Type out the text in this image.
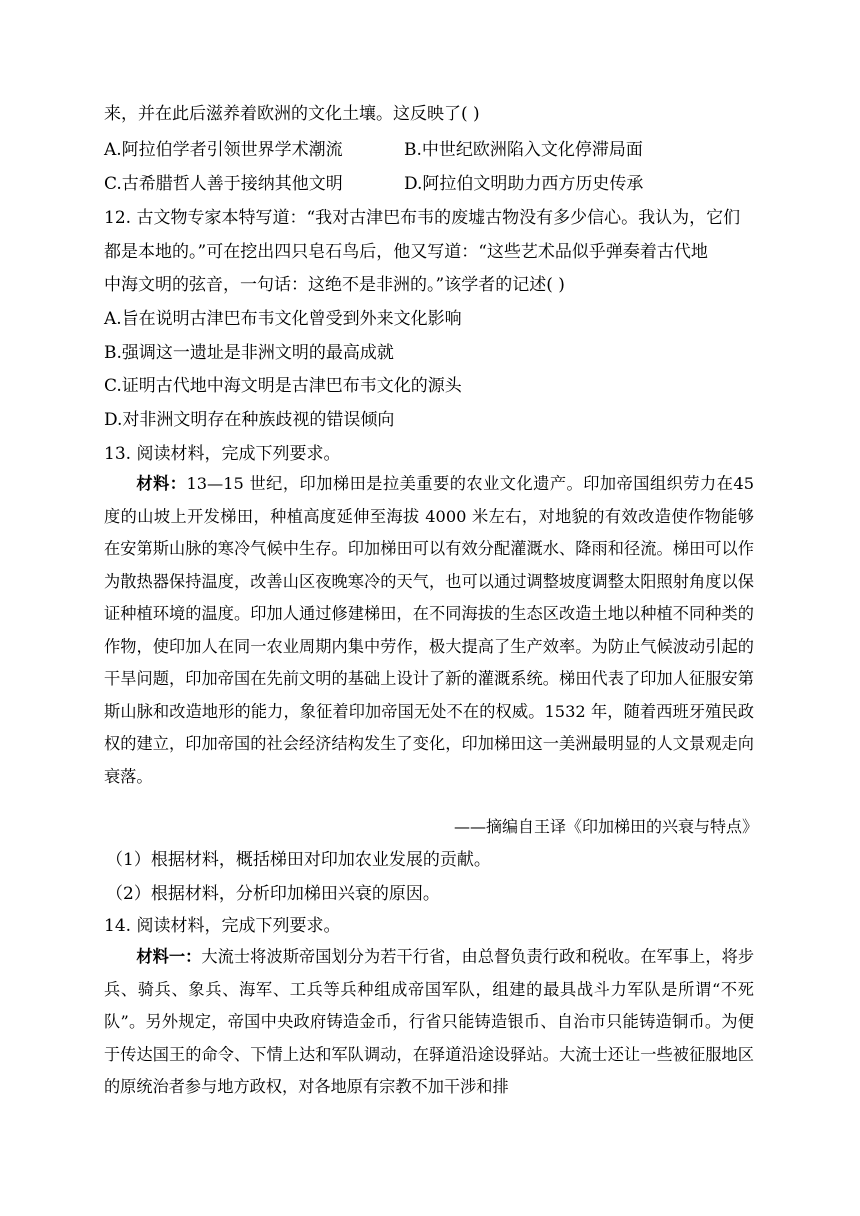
来，并在此后滋养着欧洲的文化土壤。这反映了( )
A.阿拉伯学者引领世界学术潮流	B.中世纪欧洲陷入文化停滞局面
C.古希腊哲人善于接纳其他文明	D.阿拉伯文明助力西方历史传承
12. 古文物专家本特写道：“我对古津巴布韦的废墟古物没有多少信心。我认为，它们
都是本地的。”可在挖出四只皂石鸟后，他又写道：“这些艺术品似乎弹奏着古代地
中海文明的弦音，一句话：这绝不是非洲的。”该学者的记述( )
A.旨在说明古津巴布韦文化曾受到外来文化影响
B.强调这一遗址是非洲文明的最高成就
C.证明古代地中海文明是古津巴布韦文化的源头
D.对非洲文明存在种族歧视的错误倾向
13. 阅读材料，完成下列要求。

材料：13—15 世纪，印加梯田是拉美重要的农业文化遗产。印加帝国组织劳力在45 度的山坡上开发梯田，种植高度延伸至海拔 4000 米左右，对地貌的有效改造使作物能够在安第斯山脉的寒冷气候中生存。印加梯田可以有效分配灌溉水、降雨和径流。梯田可以作为散热器保持温度，改善山区夜晚寒冷的天气，也可以通过调整坡度调整太阳照射角度以保证种植环境的温度。印加人通过修建梯田，在不同海拔的生态区改造土地以种植不同种类的作物，使印加人在同一农业周期内集中劳作，极大提高了生产效率。为防止气候波动引起的干旱问题，印加帝国在先前文明的基础上设计了新的灌溉系统。梯田代表了印加人征服安第斯山脉和改造地形的能力，象征着印加帝国无处不在的权威。1532 年，随着西班牙殖民政权的建立，印加帝国的社会经济结构发生了变化，印加梯田这一美洲最明显的人文景观走向衰落。

——摘编自王译《印加梯田的兴衰与特点》
（1）根据材料，概括梯田对印加农业发展的贡献。
（2）根据材料，分析印加梯田兴衰的原因。
14. 阅读材料，完成下列要求。

材料一：大流士将波斯帝国划分为若干行省，由总督负责行政和税收。在军事上，将步兵、骑兵、象兵、海军、工兵等兵种组成帝国军队，组建的最具战斗力军队是所谓“不死队”。另外规定，帝国中央政府铸造金币，行省只能铸造银币、自治市只能铸造铜币。为便于传达国王的命令、下情上达和军队调动，在驿道沿途设驿站。大流士还让一些被征服地区的原统治者参与地方政权，对各地原有宗教不加干涉和排
